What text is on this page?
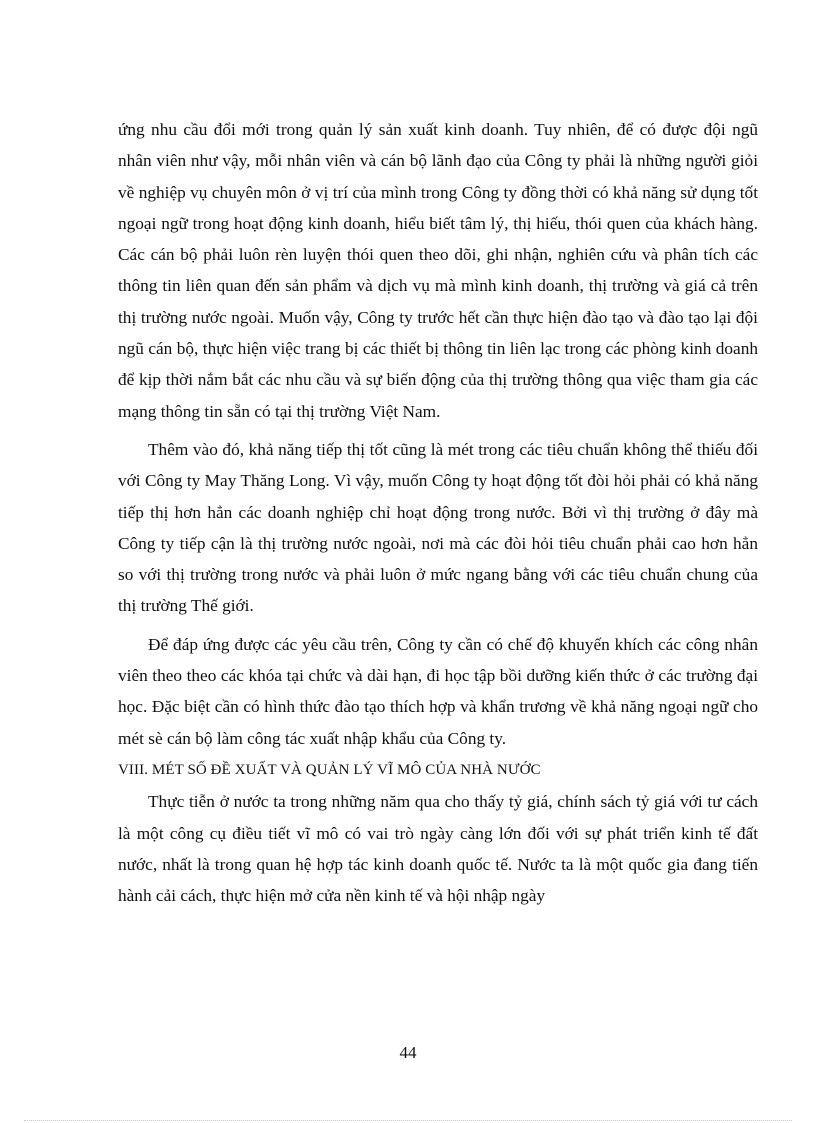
ứng nhu cầu đổi mới trong quản lý sản xuất kinh doanh. Tuy nhiên, để có được đội ngũ nhân viên như vậy, mỗi nhân viên và cán bộ lãnh đạo của Công ty phải là những người giỏi về nghiệp vụ chuyên môn ở vị trí của mình trong Công ty đồng thời có khả năng sử dụng tốt ngoại ngữ trong hoạt động kinh doanh, hiểu biết tâm lý, thị hiếu, thói quen của khách hàng. Các cán bộ phải luôn rèn luyện thói quen theo dõi, ghi nhận, nghiên cứu và phân tích các thông tin liên quan đến sản phẩm và dịch vụ mà mình kinh doanh, thị trường và giá cả trên thị trường nước ngoài. Muốn vậy, Công ty trước hết cần thực hiện đào tạo và đào tạo lại đội ngũ cán bộ, thực hiện việc trang bị các thiết bị thông tin liên lạc trong các phòng kinh doanh để kịp thời nắm bắt các nhu cầu và sự biến động của thị trường thông qua việc tham gia các mạng thông tin sẵn có tại thị trường Việt Nam.

Thêm vào đó, khả năng tiếp thị tốt cũng là mét trong các tiêu chuẩn không thể thiếu đối với Công ty May Thăng Long. Vì vậy, muốn Công ty hoạt động tốt đòi hỏi phải có khả năng tiếp thị hơn hẳn các doanh nghiệp chỉ hoạt động trong nước. Bởi vì thị trường ở đây mà Công ty tiếp cận là thị trường nước ngoài, nơi mà các đòi hỏi tiêu chuẩn phải cao hơn hẳn so với thị trường trong nước và phải luôn ở mức ngang bằng với các tiêu chuẩn chung của thị trường Thế giới.

Để đáp ứng được các yêu cầu trên, Công ty cần có chế độ khuyến khích các công nhân viên theo theo các khóa tại chức và dài hạn, đi học tập bồi dưỡng kiến thức ở các trường đại học. Đặc biệt cần có hình thức đào tạo thích hợp và khẩn trương về khả năng ngoại ngữ cho mét sè cán bộ làm công tác xuất nhập khẩu của Công ty.

VIII. MÉT SỐ ĐỀ XUẤT VÀ QUẢN LÝ VĨ MÔ CỦA NHÀ NƯỚC

Thực tiễn ở nước ta trong những năm qua cho thấy tỷ giá, chính sách tỷ giá với tư cách là một công cụ điều tiết vĩ mô có vai trò ngày càng lớn đối với sự phát triển kinh tế đất nước, nhất là trong quan hệ hợp tác kinh doanh quốc tế. Nước ta là một quốc gia đang tiến hành cải cách, thực hiện mở cửa nền kinh tế và hội nhập ngày

44
